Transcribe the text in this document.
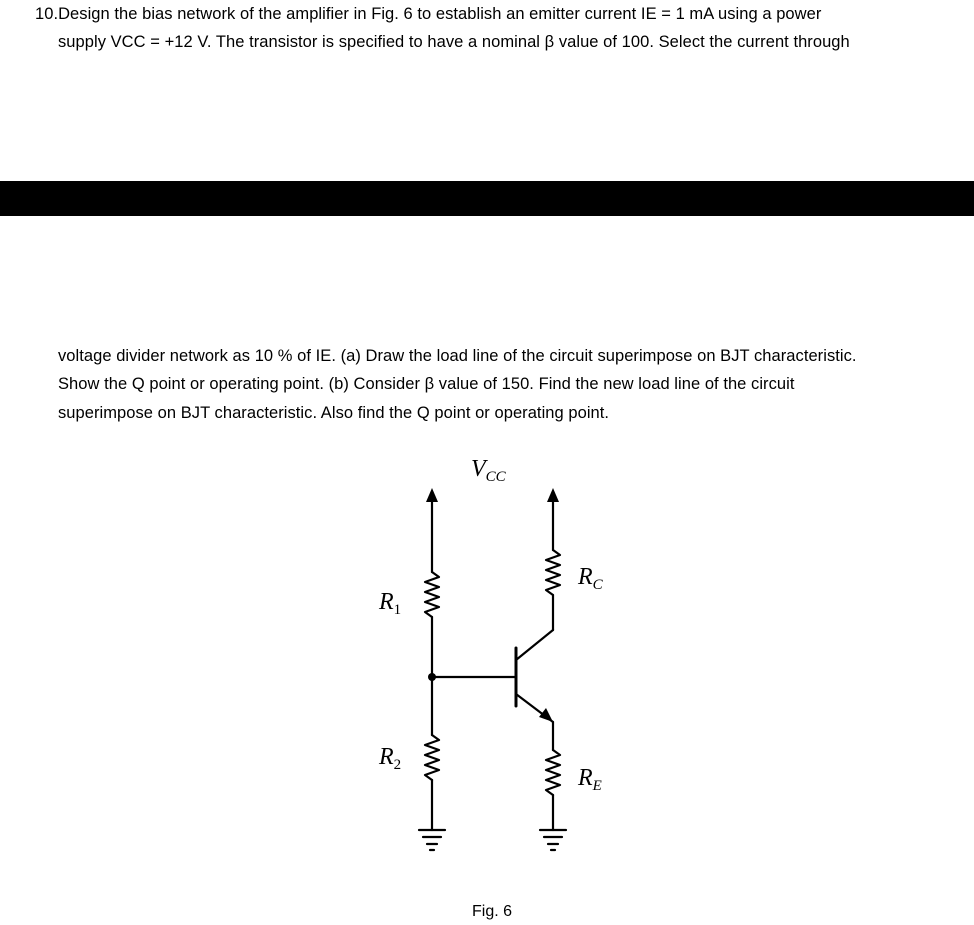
10.Design the bias network of the amplifier in Fig. 6 to establish an emitter current IE = 1 mA using a power
supply VCC = +12 V. The transistor is specified to have a nominal β value of 100. Select the current through
voltage divider network as 10 % of IE. (a) Draw the load line of the circuit superimpose on BJT characteristic.
Show the Q point or operating point. (b) Consider β value of 150. Find the new load line of the circuit
superimpose on BJT characteristic. Also find the Q point or operating point.
$V_{CC}$
$R_1$
$R_2$
$R_C$
$R_E$
Fig. 6
